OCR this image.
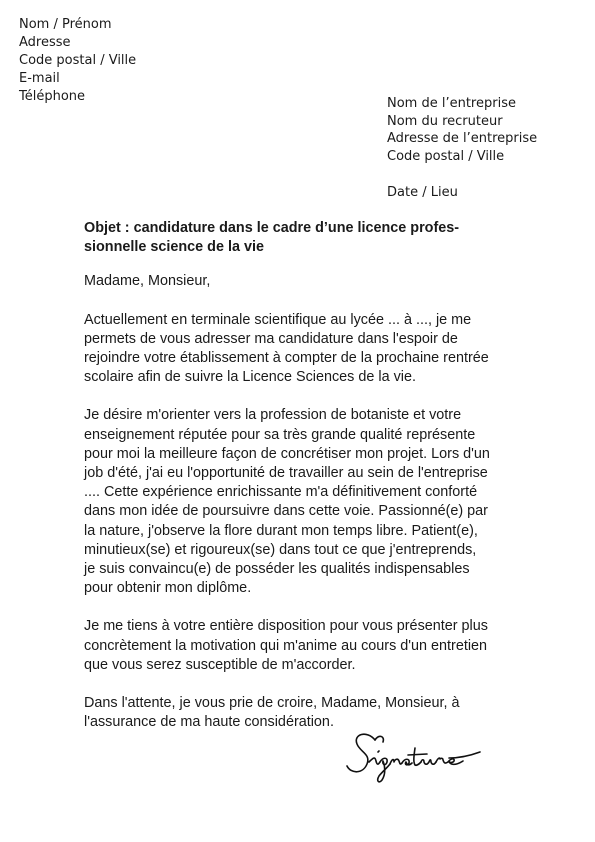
Nom / Prénom
Adresse
Code postal / Ville
E-mail
Téléphone	Nom de l’entreprise
Nom du recruteur
Adresse de l’entreprise
Code postal / Ville
Date / Lieu

Objet : candidature dans le cadre d’une licence profes-
sionnelle science de la vie

Madame, Monsieur,

Actuellement en terminale scientifique au lycée ... à ..., je me
permets de vous adresser ma candidature dans l'espoir de
rejoindre votre établissement à compter de la prochaine rentrée
scolaire afin de suivre la Licence Sciences de la vie.

Je désire m'orienter vers la profession de botaniste et votre
enseignement réputée pour sa très grande qualité représente
pour moi la meilleure façon de concrétiser mon projet. Lors d'un
job d'été, j'ai eu l'opportunité de travailler au sein de l'entreprise
.... Cette expérience enrichissante m'a définitivement conforté
dans mon idée de poursuivre dans cette voie. Passionné(e) par
la nature, j'observe la flore durant mon temps libre. Patient(e),
minutieux(se) et rigoureux(se) dans tout ce que j'entreprends,
je suis convaincu(e) de posséder les qualités indispensables
pour obtenir mon diplôme.

Je me tiens à votre entière disposition pour vous présenter plus
concrètement la motivation qui m'anime au cours d'un entretien
que vous serez susceptible de m'accorder.

Dans l'attente, je vous prie de croire, Madame, Monsieur, à
l'assurance de ma haute considération.
